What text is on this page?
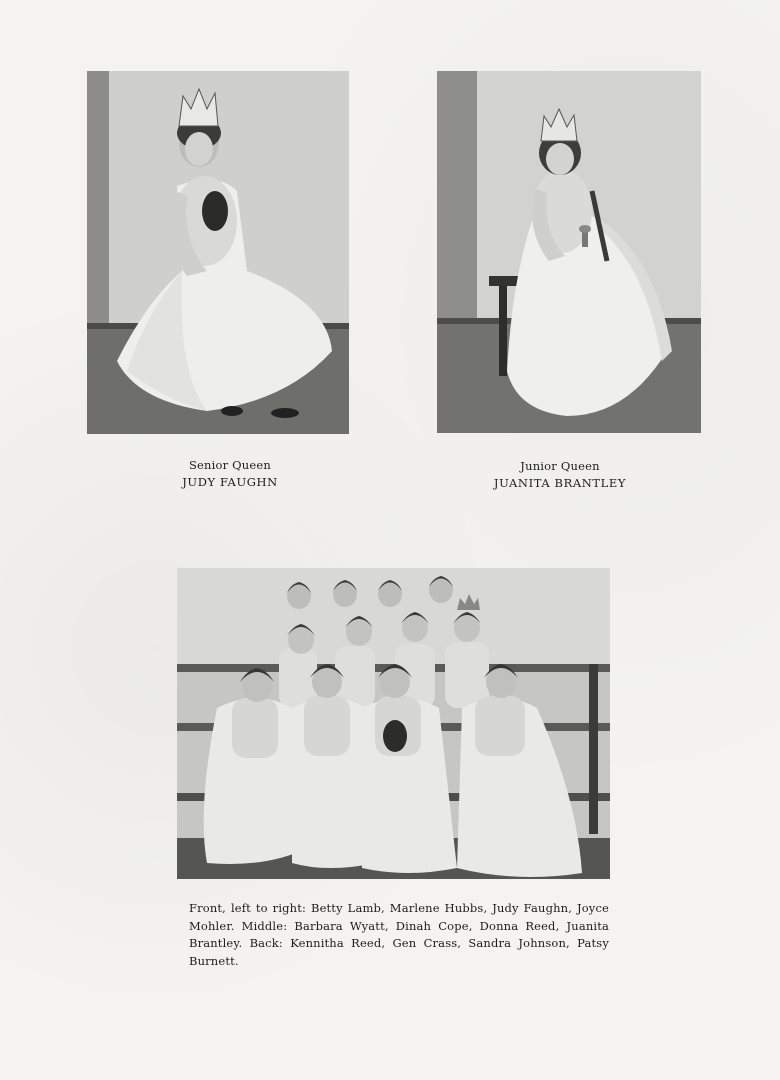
Senior Queen
JUDY FAUGHN
Junior Queen
JUANITA BRANTLEY
Front, left to right: Betty Lamb, Marlene Hubbs, Judy Faughn, Joyce Mohler. Middle: Barbara Wyatt, Dinah Cope, Donna Reed, Juanita Brantley. Back: Kennitha Reed, Gen Crass, Sandra Johnson, Patsy Burnett.
